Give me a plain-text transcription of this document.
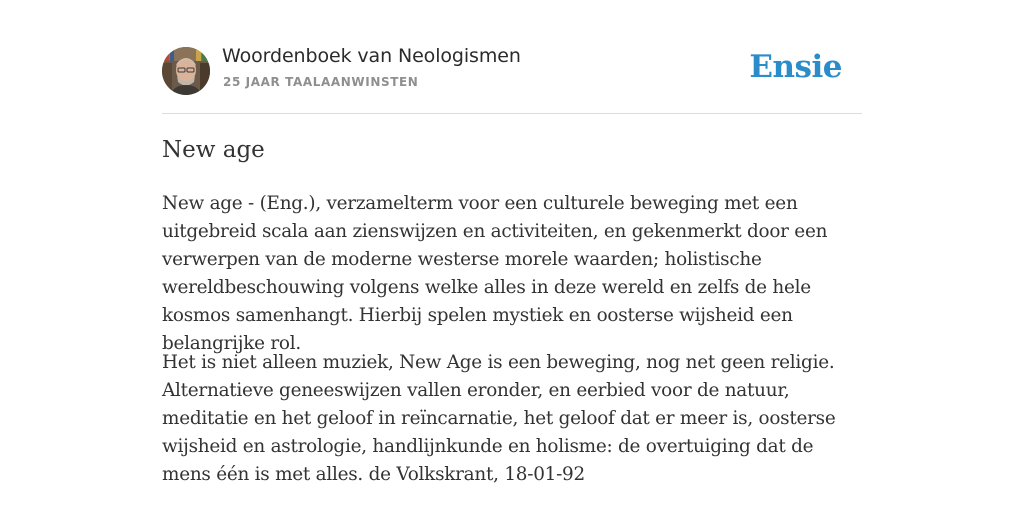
Woordenboek van Neologismen
25 JAAR TAALAANWINSTEN	Ensie
New age

New age - (Eng.), verzamelterm voor een culturele beweging met een uitgebreid scala aan zienswijzen en activiteiten, en gekenmerkt door een verwerpen van de moderne westerse morele waarden; holistische wereldbeschouwing volgens welke alles in deze wereld en zelfs de hele kosmos samenhangt. Hierbij spelen mystiek en oosterse wijsheid een belangrijke rol.

Het is niet alleen muziek, New Age is een beweging, nog net geen religie. Alternatieve geneeswijzen vallen eronder, en eerbied voor de natuur, meditatie en het geloof in reïncarnatie, het geloof dat er meer is, oosterse wijsheid en astrologie, handlijnkunde en holisme: de overtuiging dat de mens één is met alles. de Volkskrant, 18-01-92
